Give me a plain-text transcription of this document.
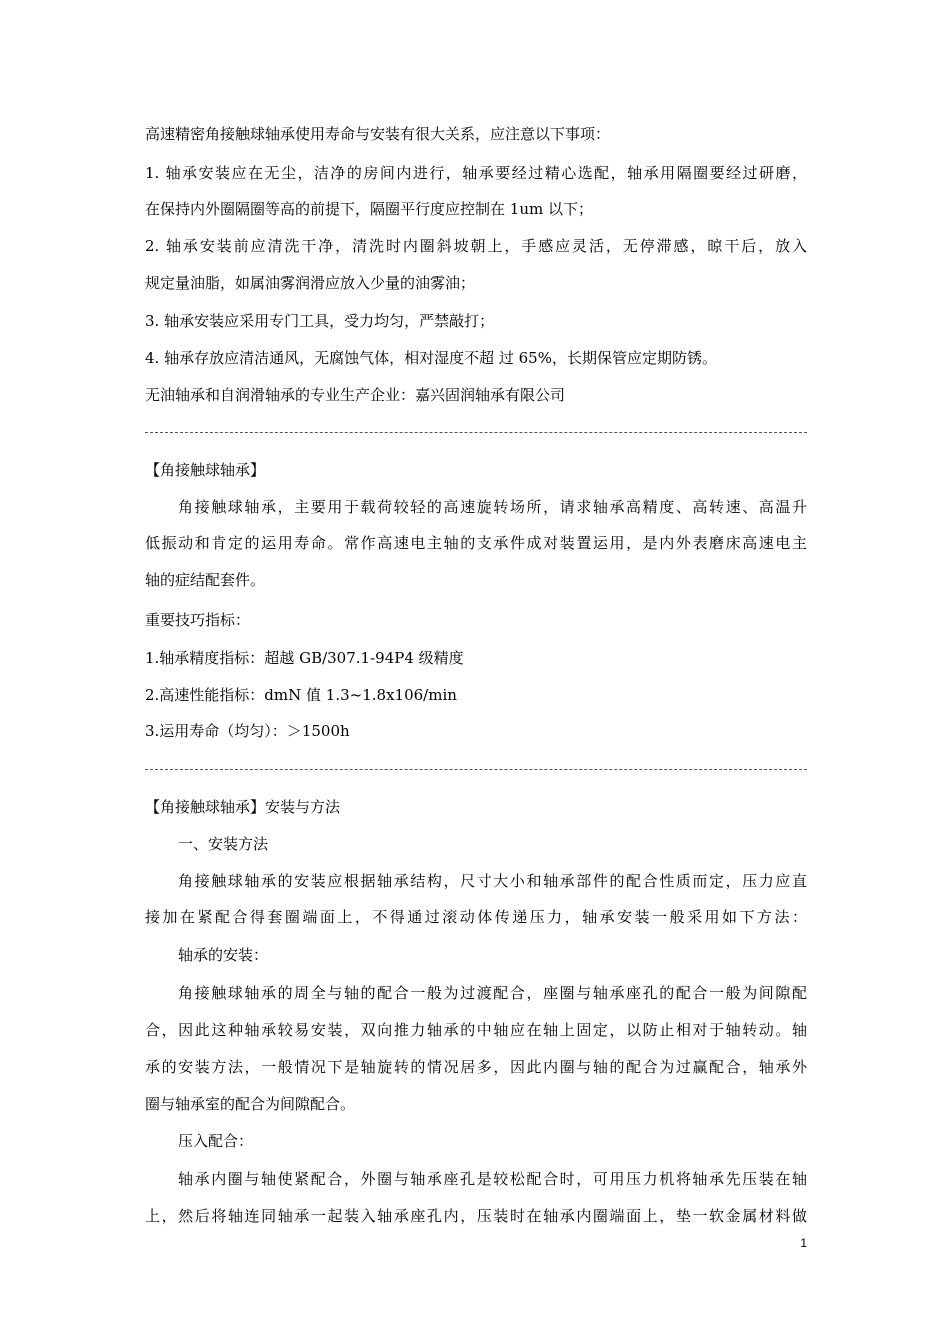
高速精密角接触球轴承使用寿命与安装有很大关系，应注意以下事项：
1. 轴承安装应在无尘，洁净的房间内进行，轴承要经过精心选配，轴承用隔圈要经过研磨，
在保持内外圈隔圈等高的前提下，隔圈平行度应控制在 1um 以下；
2. 轴承安装前应清洗干净，清洗时内圈斜坡朝上，手感应灵活，无停滞感，晾干后，放入
规定量油脂，如属油雾润滑应放入少量的油雾油；
3. 轴承安装应采用专门工具，受力均匀，严禁敲打；
4. 轴承存放应清洁通风，无腐蚀气体，相对湿度不超 过 65%，长期保管应定期防锈。
无油轴承和自润滑轴承的专业生产企业：嘉兴固润轴承有限公司
【角接触球轴承】
角接触球轴承，主要用于载荷较轻的高速旋转场所，请求轴承高精度、高转速、高温升
低振动和肯定的运用寿命。常作高速电主轴的支承件成对装置运用，是内外表磨床高速电主
轴的症结配套件。
重要技巧指标：
1.轴承精度指标：超越 GB/307.1-94P4 级精度
2.高速性能指标：dmN 值 1.3~1.8x106/min
3.运用寿命（均匀）：＞1500h
【角接触球轴承】安装与方法
一、安装方法
角接触球轴承的安装应根据轴承结构，尺寸大小和轴承部件的配合性质而定，压力应直
接加在紧配合得套圈端面上，不得通过滚动体传递压力，轴承安装一般采用如下方法：
轴承的安装：
角接触球轴承的周全与轴的配合一般为过渡配合，座圈与轴承座孔的配合一般为间隙配
合，因此这种轴承较易安装，双向推力轴承的中轴应在轴上固定，以防止相对于轴转动。轴
承的安装方法，一般情况下是轴旋转的情况居多，因此内圈与轴的配合为过赢配合，轴承外
圈与轴承室的配合为间隙配合。
压入配合：
轴承内圈与轴使紧配合，外圈与轴承座孔是较松配合时，可用压力机将轴承先压装在轴
上，然后将轴连同轴承一起装入轴承座孔内，压装时在轴承内圈端面上，垫一软金属材料做
1
